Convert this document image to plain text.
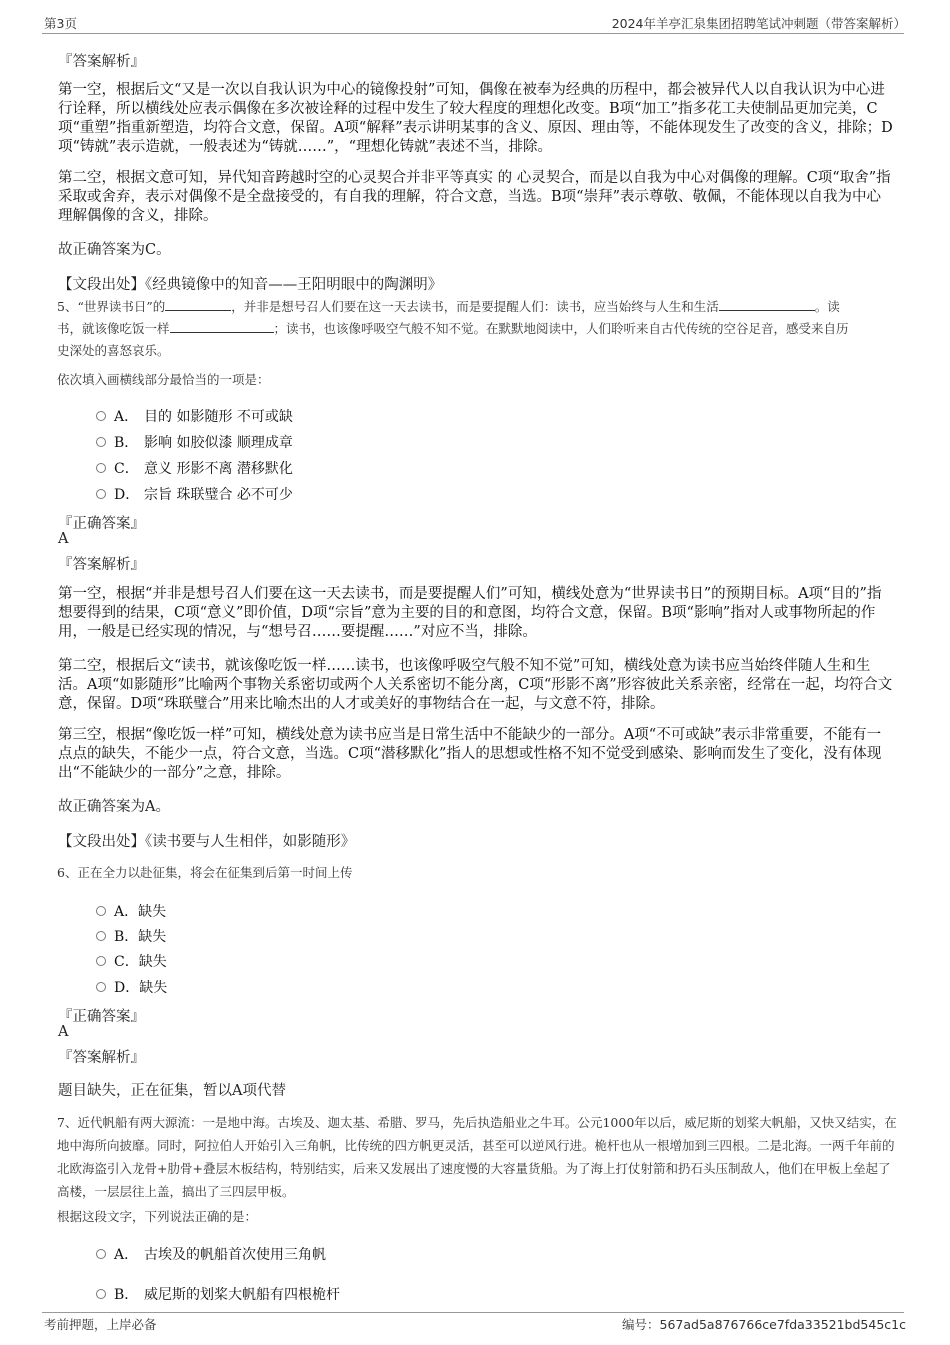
第3页	2024年羊亭汇泉集团招聘笔试冲刺题（带答案解析）
『答案解析』

第一空，根据后文“又是一次以自我认识为中心的镜像投射”可知，偶像在被奉为经典的历程中，都会被异代人以自我认识为中心进行诠释，所以横线处应表示偶像在多次被诠释的过程中发生了较大程度的理想化改变。B项“加工”指多花工夫使制品更加完美，C项“重塑”指重新塑造，均符合文意，保留。A项“解释”表示讲明某事的含义、原因、理由等，不能体现发生了改变的含义，排除；D项“铸就”表示造就，一般表述为“铸就……”，“理想化铸就”表述不当，排除。

第二空，根据文意可知，异代知音跨越时空的心灵契合并非平等真实 的 心灵契合，而是以自我为中心对偶像的理解。C项“取舍”指采取或舍弃，表示对偶像不是全盘接受的，有自我的理解，符合文意，当选。B项“崇拜”表示尊敬、敬佩，不能体现以自我为中心理解偶像的含义，排除。

故正确答案为C。
【文段出处】《经典镜像中的知音——王阳明眼中的陶渊明》
5、“世界读书日”的	，并非是想号召人们要在这一天去读书，而是要提醒人们：读书，应当始终与人生和生活	。读
书，就该像吃饭一样	；读书，也该像呼吸空气般不知不觉。在默默地阅读中，人们聆听来自古代传统的空谷足音，感受来自历
史深处的喜怒哀乐。
依次填入画横线部分最恰当的一项是：
A． 目的 如影随形 不可或缺
B． 影响 如胶似漆 顺理成章
C． 意义 形影不离 潜移默化
D． 宗旨 珠联璧合 必不可少
『正确答案』
A
『答案解析』

第一空，根据“并非是想号召人们要在这一天去读书，而是要提醒人们”可知，横线处意为“世界读书日”的预期目标。A项“目的”指想要得到的结果，C项“意义”即价值，D项“宗旨”意为主要的目的和意图，均符合文意，保留。B项“影响”指对人或事物所起的作用，一般是已经实现的情况，与“想号召……要提醒……”对应不当，排除。

第二空，根据后文“读书，就该像吃饭一样……读书，也该像呼吸空气般不知不觉”可知，横线处意为读书应当始终伴随人生和生活。A项“如影随形”比喻两个事物关系密切或两个人关系密切不能分离，C项“形影不离”形容彼此关系亲密，经常在一起，均符合文意，保留。D项“珠联璧合”用来比喻杰出的人才或美好的事物结合在一起，与文意不符，排除。

第三空，根据“像吃饭一样”可知，横线处意为读书应当是日常生活中不能缺少的一部分。A项“不可或缺”表示非常重要，不能有一点点的缺失，不能少一点，符合文意，当选。C项“潜移默化”指人的思想或性格不知不觉受到感染、影响而发生了变化，没有体现出“不能缺少的一部分”之意，排除。

故正确答案为A。
【文段出处】《读书要与人生相伴，如影随形》
6、正在全力以赴征集，将会在征集到后第一时间上传
A．缺失
B．缺失
C．缺失
D．缺失
『正确答案』
A
『答案解析』
题目缺失，正在征集，暂以A项代替

7、近代帆船有两大源流：一是地中海。古埃及、迦太基、希腊、罗马，先后执造船业之牛耳。公元1000年以后，威尼斯的划桨大帆船，又快又结实，在地中海所向披靡。同时，阿拉伯人开始引入三角帆，比传统的四方帆更灵活，甚至可以逆风行进。桅杆也从一根增加到三四根。二是北海。一两千年前的北欧海盗引入龙骨+肋骨+叠层木板结构，特别结实，后来又发展出了速度慢的大容量货船。为了海上打仗射箭和扔石头压制敌人，他们在甲板上垒起了高楼，一层层往上盖，搞出了三四层甲板。

根据这段文字，下列说法正确的是：
A． 古埃及的帆船首次使用三角帆
B． 威尼斯的划桨大帆船有四根桅杆
考前押题，上岸必备	编号：567ad5a876766ce7fda33521bd545c1c
